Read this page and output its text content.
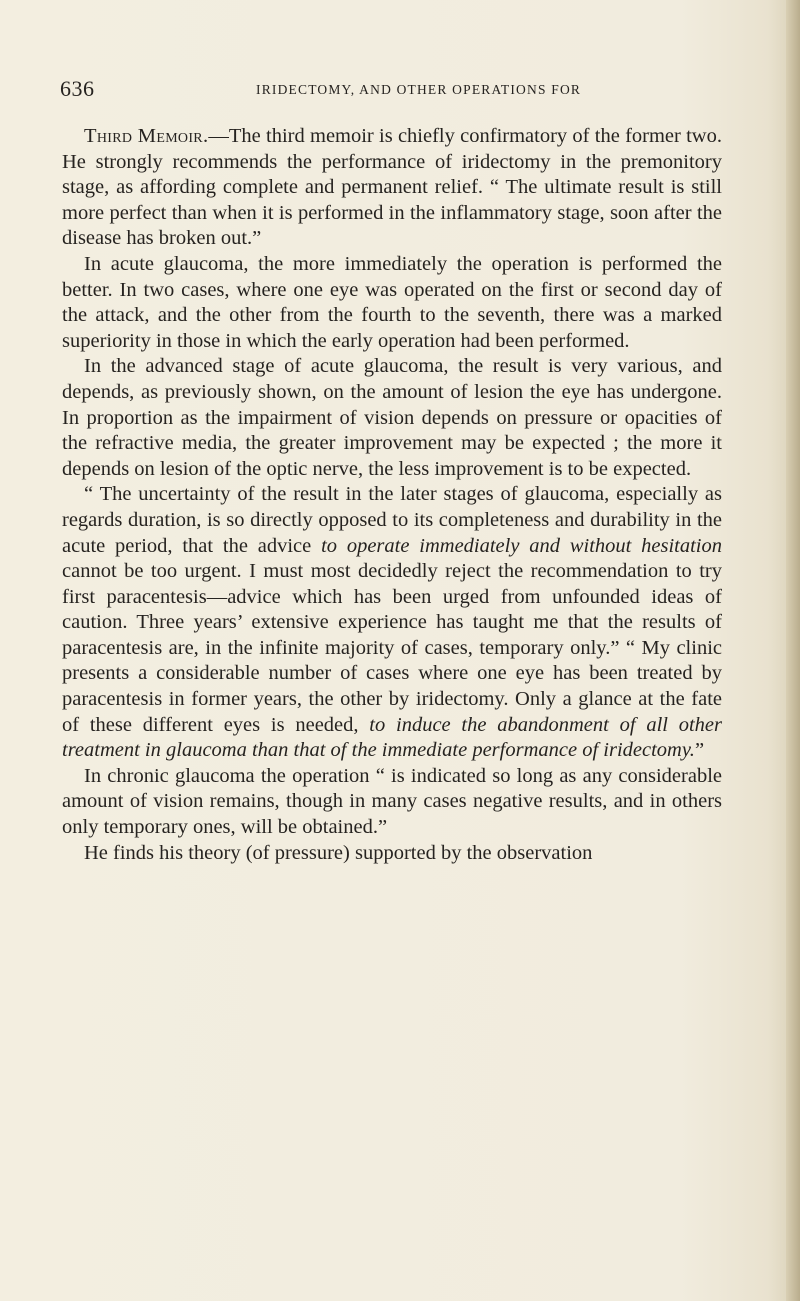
636	IRIDECTOMY, AND OTHER OPERATIONS FOR

Third Memoir.—The third memoir is chiefly confirmatory of the former two. He strongly recommends the performance of iridectomy in the premonitory stage, as affording complete and permanent relief. “ The ultimate result is still more perfect than when it is performed in the inflammatory stage, soon after the disease has broken out.”

In acute glaucoma, the more immediately the operation is performed the better. In two cases, where one eye was operated on the first or second day of the attack, and the other from the fourth to the seventh, there was a marked superiority in those in which the early operation had been performed.

In the advanced stage of acute glaucoma, the result is very various, and depends, as previously shown, on the amount of lesion the eye has undergone. In proportion as the impairment of vision depends on pressure or opacities of the refractive media, the greater improvement may be expected ; the more it depends on lesion of the optic nerve, the less improvement is to be expected.

“ The uncertainty of the result in the later stages of glaucoma, especially as regards duration, is so directly opposed to its completeness and durability in the acute period, that the advice to operate immediately and without hesitation cannot be too urgent. I must most decidedly reject the recommendation to try first paracentesis—advice which has been urged from unfounded ideas of caution. Three years’ extensive experience has taught me that the results of paracentesis are, in the infinite majority of cases, temporary only.” “ My clinic presents a considerable number of cases where one eye has been treated by paracentesis in former years, the other by iridectomy. Only a glance at the fate of these different eyes is needed, to induce the abandonment of all other treatment in glaucoma than that of the immediate performance of iridectomy.”

In chronic glaucoma the operation “ is indicated so long as any considerable amount of vision remains, though in many cases negative results, and in others only temporary ones, will be obtained.”

He finds his theory (of pressure) supported by the observation
